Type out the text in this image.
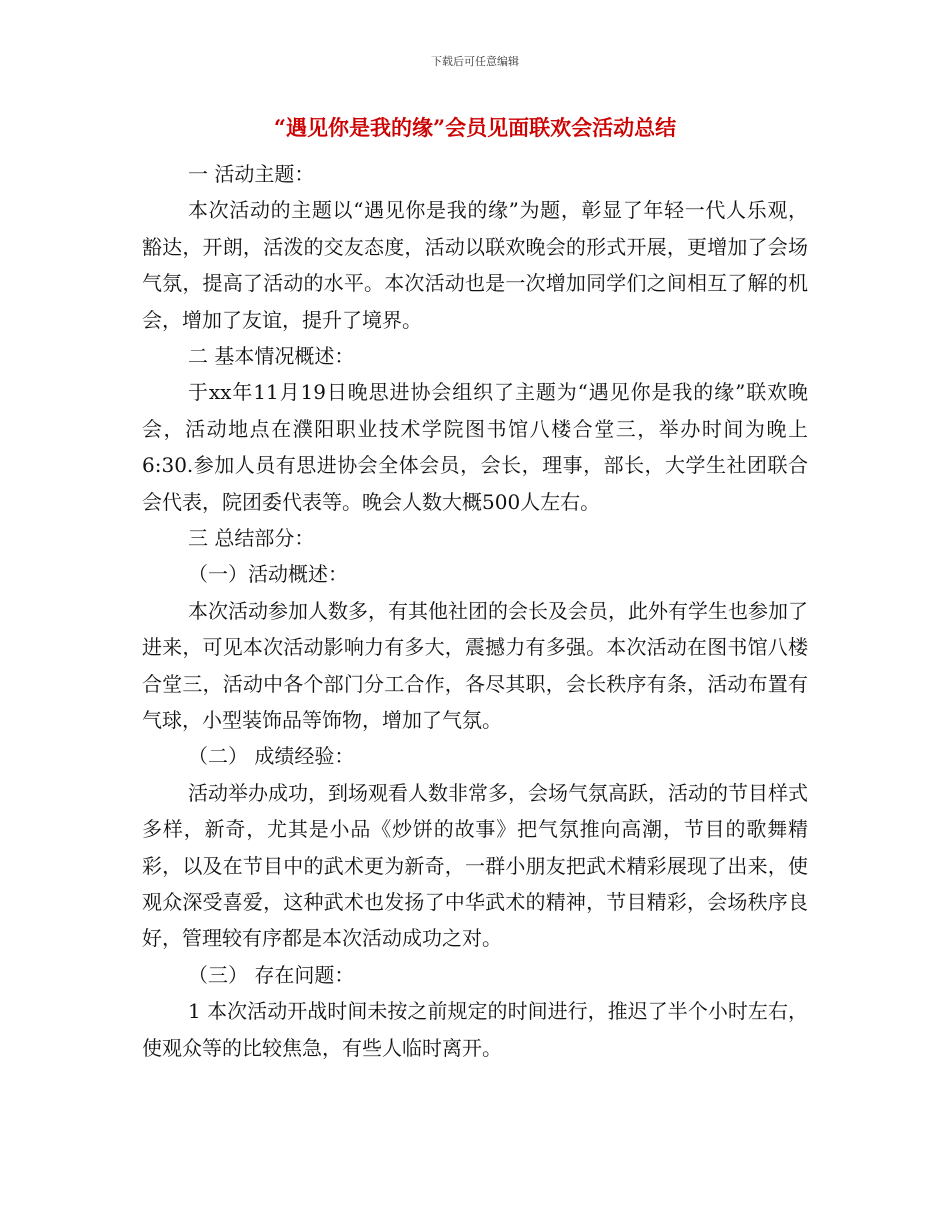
下载后可任意编辑
“遇见你是我的缘”会员见面联欢会活动总结
一 活动主题：
本次活动的主题以“遇见你是我的缘”为题，彰显了年轻一代人乐观，豁达，开朗，活泼的交友态度，活动以联欢晚会的形式开展，更增加了会场气氛，提高了活动的水平。本次活动也是一次增加同学们之间相互了解的机会，增加了友谊，提升了境界。
二 基本情况概述：
于xx年11月19日晚思进协会组织了主题为“遇见你是我的缘”联欢晚会，活动地点在濮阳职业技术学院图书馆八楼合堂三，举办时间为晚上6:30.参加人员有思进协会全体会员，会长，理事，部长，大学生社团联合会代表，院团委代表等。晚会人数大概500人左右。
三 总结部分：
（一）活动概述：
本次活动参加人数多，有其他社团的会长及会员，此外有学生也参加了进来，可见本次活动影响力有多大，震撼力有多强。本次活动在图书馆八楼合堂三，活动中各个部门分工合作，各尽其职，会长秩序有条，活动布置有气球，小型装饰品等饰物，增加了气氛。
（二） 成绩经验：
活动举办成功，到场观看人数非常多，会场气氛高跃，活动的节目样式多样，新奇，尤其是小品《炒饼的故事》把气氛推向高潮，节目的歌舞精彩，以及在节目中的武术更为新奇，一群小朋友把武术精彩展现了出来，使观众深受喜爱，这种武术也发扬了中华武术的精神，节目精彩，会场秩序良好，管理较有序都是本次活动成功之对。
（三） 存在问题：
1 本次活动开战时间未按之前规定的时间进行，推迟了半个小时左右，使观众等的比较焦急，有些人临时离开。
